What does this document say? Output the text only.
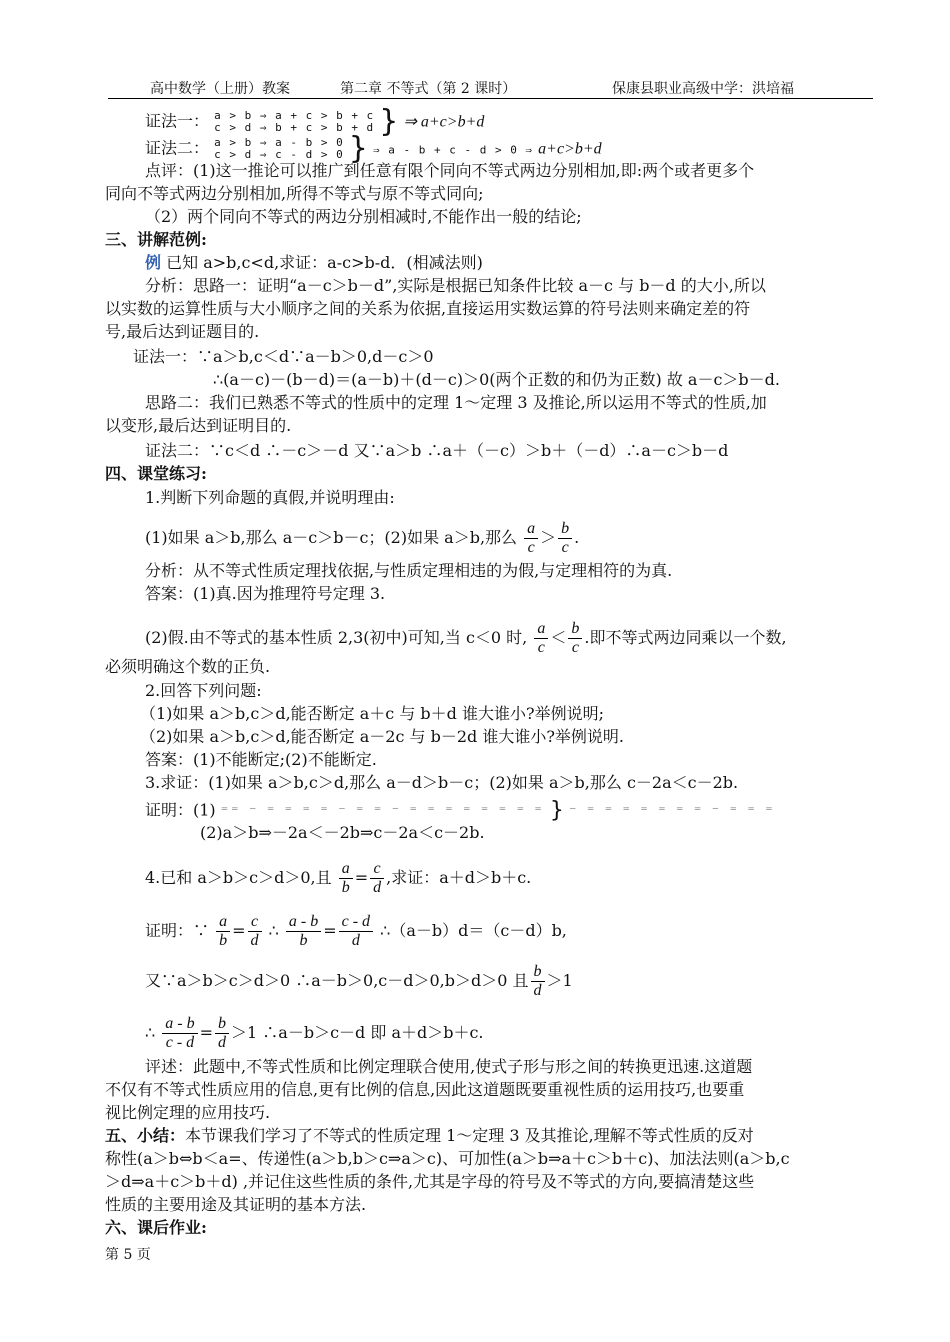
高中数学（上册）教案	第二章 不等式（第 2 课时）	保康县职业高级中学：洪培福
证法一： a > b ⇒ a + c > b + c
c > d ⇒ b + c > b + d } ⇒ a+c>b+d
证法二： a > b ⇒ a - b > 0
c > d ⇒ c - d > 0 } ⇒ a - b + c - d > 0 ⇒ a+c>b+d
点评：(1)这一推论可以推广到任意有限个同向不等式两边分别相加,即:两个或者更多个
同向不等式两边分别相加,所得不等式与原不等式同向;
（2）两个同向不等式的两边分别相减时,不能作出一般的结论;
三、讲解范例:
例 已知 a>b,c<d,求证：a-c>b-d．(相减法则)
分析：思路一：证明“a－c＞b－d”,实际是根据已知条件比较 a－c 与 b－d 的大小,所以
以实数的运算性质与大小顺序之间的关系为依据,直接运用实数运算的符号法则来确定差的符
号,最后达到证题目的.
证法一：∵a＞b,c＜d∵a－b＞0,d－c＞0
∴(a－c)－(b－d)＝(a－b)＋(d－c)＞0(两个正数的和仍为正数) 故 a－c＞b－d.
思路二：我们已熟悉不等式的性质中的定理 1～定理 3 及推论,所以运用不等式的性质,加
以变形,最后达到证明目的.
证法二：∵c＜d ∴－c＞－d 又∵a＞b ∴a＋（－c）＞b＋（－d）∴a－c＞b－d
四、课堂练习:
1.判断下列命题的真假,并说明理由:
(1)如果 a＞b,那么 a－c＞b－c；(2)如果 a＞b,那么 $\frac{a}{c} > \frac{b}{c}$ .
分析：从不等式性质定理找依据,与性质定理相违的为假,与定理相符的为真.
答案：(1)真.因为推理符号定理 3.
(2)假.由不等式的基本性质 2,3(初中)可知,当 c＜0 时, $\frac{a}{c} < \frac{b}{c}$ .即不等式两边同乘以一个数,
必须明确这个数的正负.
2.回答下列问题:
（1)如果 a＞b,c＞d,能否断定 a＋c 与 b＋d 谁大谁小?举例说明;
（2)如果 a＞b,c＞d,能否断定 a－2c 与 b－2d 谁大谁小?举例说明.
答案：(1)不能断定;(2)不能断定.
3.求证：(1)如果 a＞b,c＞d,那么 a－d＞b－c；(2)如果 a＞b,那么 c－2a＜c－2b.
证明：(1) ⁼⁼ ⁻ ⁼ ⁼ ⁼ ⁼ ⁻ ⁼ ⁼ ⁻ ⁼ ⁼ ⁼ ⁼ ⁼ ⁼ ⁼ ⁼ } ⁻ ⁼ ⁼ ⁼ ⁼ ⁼ ⁼ ⁼ ⁻ ⁼ ⁼ ⁼
(2)a＞b⇒－2a＜－2b⇒c－2a＜c－2b.
4.已和 a＞b＞c＞d＞0,且 $\frac{a}{b} = \frac{c}{d}$ ,求证：a＋d＞b＋c.
证明：∵ $\frac{a}{b} = \frac{c}{d}$ ∴ $\frac{a - b}{b} = \frac{c - d}{d}$ ∴（a－b）d＝（c－d）b,
又∵a＞b＞c＞d＞0 ∴a－b＞0,c－d＞0,b＞d＞0 且 $\frac{b}{d} >1$
∴ $\frac{a - b}{c - d} = \frac{b}{d} >1$ ∴a－b＞c－d 即 a＋d＞b＋c.
评述：此题中,不等式性质和比例定理联合使用,使式子形与形之间的转换更迅速.这道题
不仅有不等式性质应用的信息,更有比例的信息,因此这道题既要重视性质的运用技巧,也要重
视比例定理的应用技巧.
五、小结：本节课我们学习了不等式的性质定理 1～定理 3 及其推论,理解不等式性质的反对
称性(a＞b⇔b＜a=、传递性(a＞b,b＞c⇒a＞c)、可加性(a＞b⇒a＋c＞b＋c)、加法法则(a＞b,c
＞d⇒a＋c＞b＋d) ,并记住这些性质的条件,尤其是字母的符号及不等式的方向,要搞清楚这些
性质的主要用途及其证明的基本方法.
六、课后作业:
第 5 页
